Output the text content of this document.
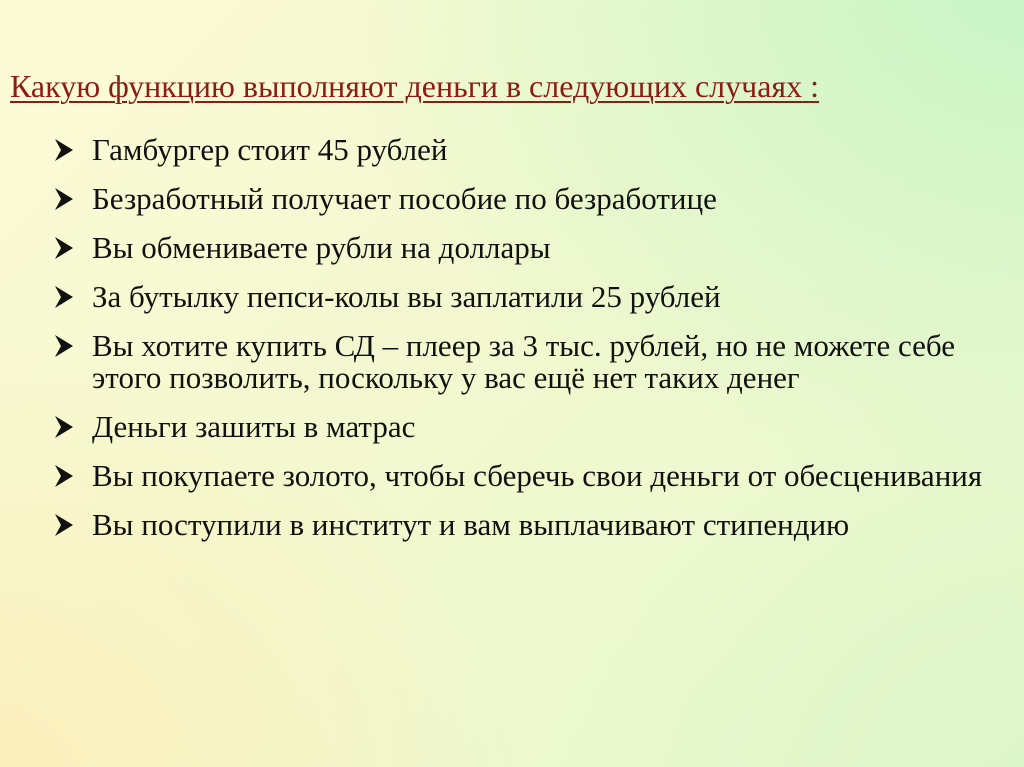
Какую функцию выполняют деньги в следующих случаях :
Гамбургер стоит 45 рублей
Безработный получает пособие по безработице
Вы обмениваете рубли на доллары
За бутылку пепси-колы вы заплатили 25 рублей
Вы хотите купить СД – плеер за 3 тыс. рублей, но не можете себе этого позволить, поскольку у вас ещё нет таких денег
Деньги зашиты в матрас
Вы покупаете золото, чтобы сберечь свои деньги от обесценивания
Вы поступили в институт и вам выплачивают стипендию
